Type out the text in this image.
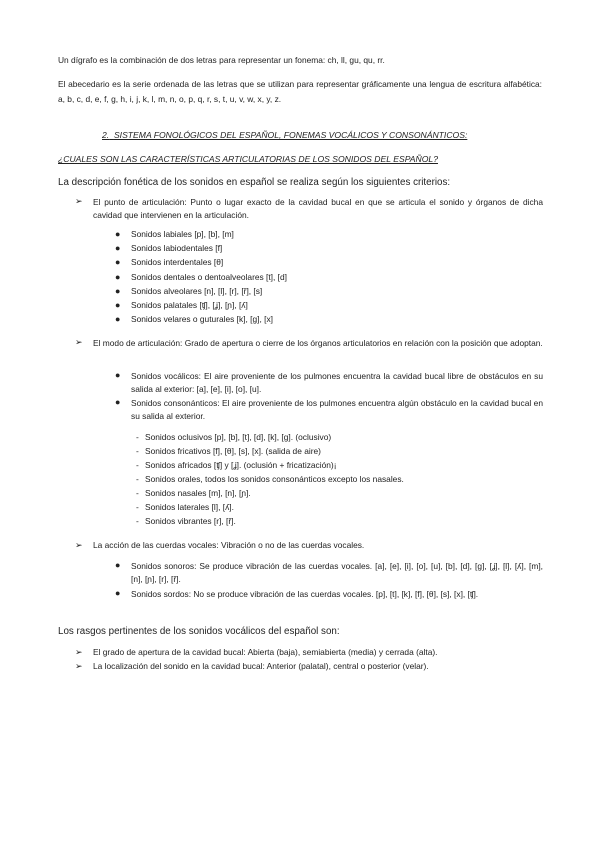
Un dígrafo es la combinación de dos letras para representar un fonema: ch, ll, gu, qu, rr.
El abecedario es la serie ordenada de las letras que se utilizan para representar gráficamente una lengua de escritura alfabética: a, b, c, d, e, f, g, h, i, j, k, l, m, n, o, p, q, r, s, t, u, v, w, x, y, z.
2. SISTEMA FONOLÓGICOS DEL ESPAÑOL, FONEMAS VOCÁLICOS Y CONSONÁNTICOS:
¿CUALES SON LAS CARACTERÍSTICAS ARTICULATORIAS DE LOS SONIDOS DEL ESPAÑOL?
La descripción fonética de los sonidos en español se realiza según los siguientes criterios:
➢ El punto de articulación: Punto o lugar exacto de la cavidad bucal en que se articula el sonido y órganos de dicha cavidad que intervienen en la articulación.
● Sonidos labiales [p], [b], [m]
● Sonidos labiodentales [f]
● Sonidos interdentales [θ]
● Sonidos dentales o dentoalveolares [t], [d]
● Sonidos alveolares [n], [l], [r], [ř], [s]
● Sonidos palatales [ʧ], [ʝ], [ɲ], [ʎ]
● Sonidos velares o guturales [k], [g], [x]
➢ El modo de articulación: Grado de apertura o cierre de los órganos articulatorios en relación con la posición que adoptan.
● Sonidos vocálicos: El aire proveniente de los pulmones encuentra la cavidad bucal libre de obstáculos en su salida al exterior: [a], [e], [i], [o], [u].
● Sonidos consonánticos: El aire proveniente de los pulmones encuentra algún obstáculo en la cavidad bucal en su salida al exterior.
- Sonidos oclusivos [p], [b], [t], [d], [k], [g]. (oclusivo)
- Sonidos fricativos [f], [θ], [s], [x]. (salida de aire)
- Sonidos africados [ʧ] y [ʝ]. (oclusión + fricatización)¡
- Sonidos orales, todos los sonidos consonánticos excepto los nasales.
- Sonidos nasales [m], [n], [ɲ].
- Sonidos laterales [l], [ʎ].
- Sonidos vibrantes [r], [ř].
➢ La acción de las cuerdas vocales: Vibración o no de las cuerdas vocales.
● Sonidos sonoros: Se produce vibración de las cuerdas vocales. [a], [e], [i], [o], [u], [b], [d], [g], [ʝ], [l], [ʎ], [m], [n], [ɲ], [r], [ř].
● Sonidos sordos: No se produce vibración de las cuerdas vocales. [p], [t], [k], [f], [θ], [s], [x], [ʧ].
Los rasgos pertinentes de los sonidos vocálicos del español son:
➢ El grado de apertura de la cavidad bucal: Abierta (baja), semiabierta (media) y cerrada (alta).
➢ La localización del sonido en la cavidad bucal: Anterior (palatal), central o posterior (velar).
